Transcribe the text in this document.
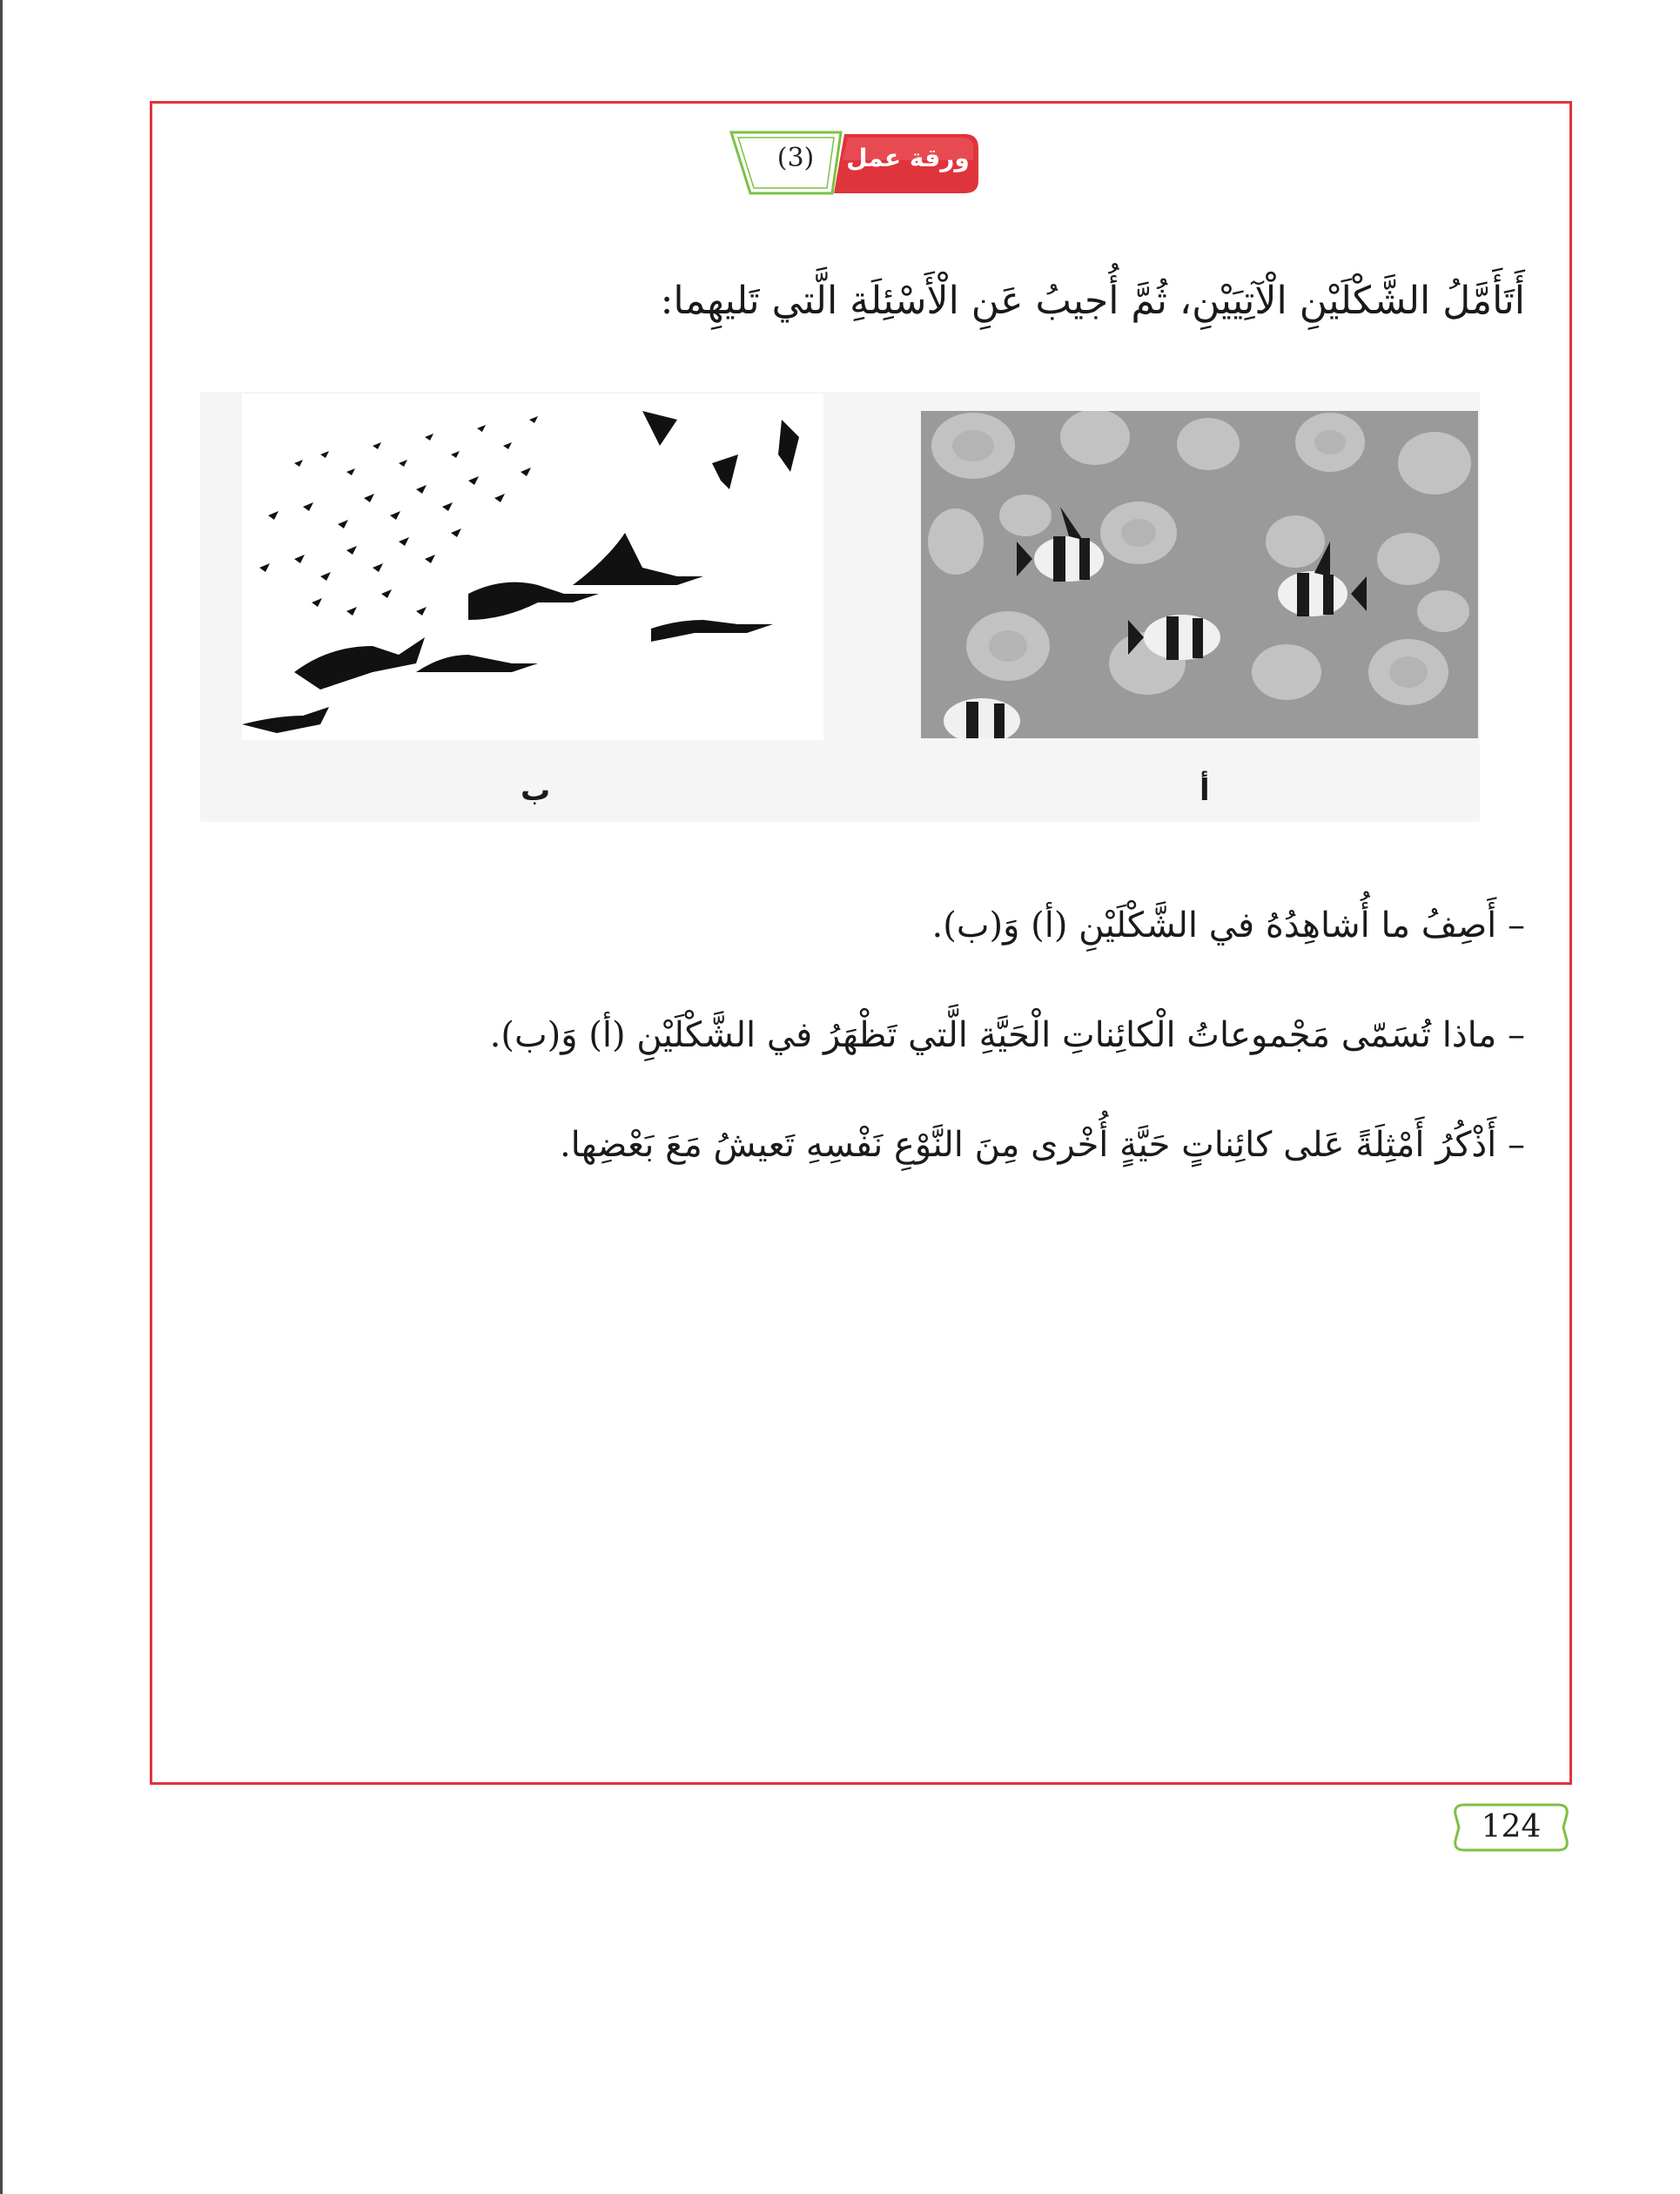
(3)	ورقة عمل
أَتَأَمَّلُ الشَّكْلَيْنِ الْآتِيَيْنِ، ثُمَّ أُجيبُ عَنِ الْأَسْئِلَةِ الَّتي تَليهِما:
أ
ب
– أَصِفُ ما أُشاهِدُهُ في الشَّكْلَيْنِ (أ) وَ(ب).
– ماذا تُسَمّى مَجْموعاتُ الْكائِناتِ الْحَيَّةِ الَّتي تَظْهَرُ في الشَّكْلَيْنِ (أ) وَ(ب).
– أَذْكُرُ أَمْثِلَةً عَلى كائِناتٍ حَيَّةٍ أُخْرى مِنَ النَّوْعِ نَفْسِهِ تَعيشُ مَعَ بَعْضِها.
124
